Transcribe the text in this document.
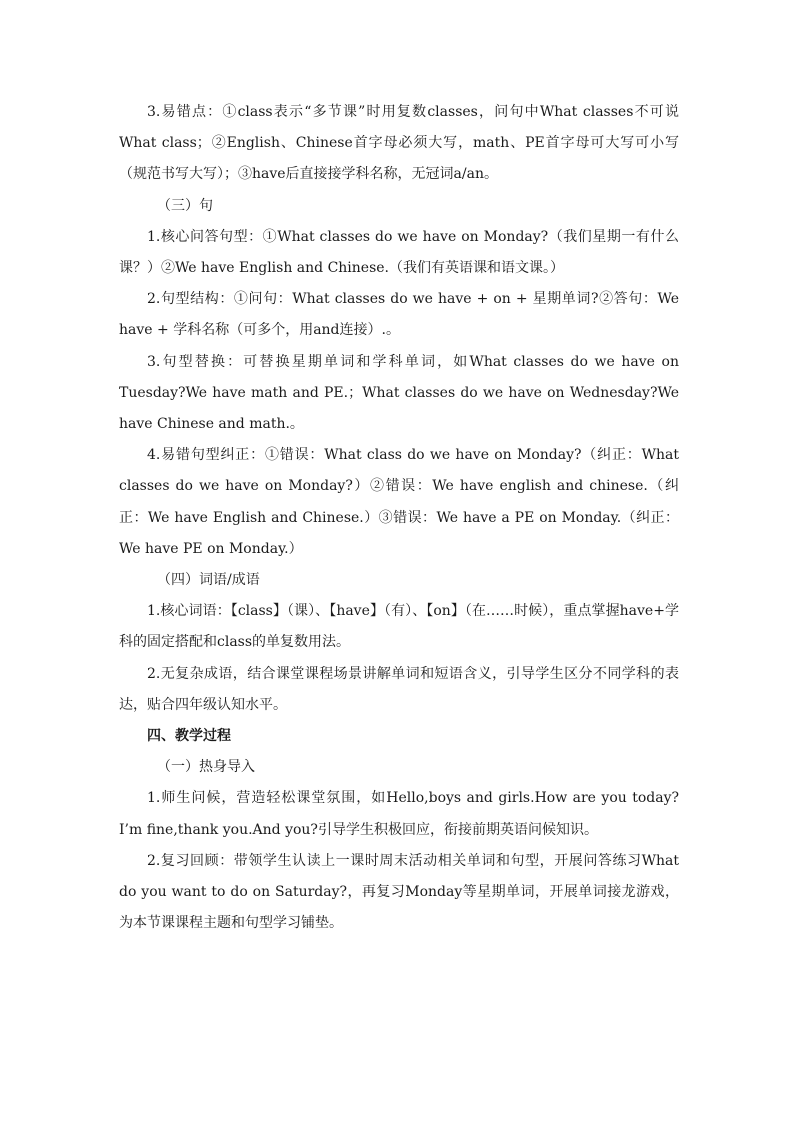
3.易错点：①class表示“多节课”时用复数classes，问句中What classes不可说What class；②English、Chinese首字母必须大写，math、PE首字母可大写可小写（规范书写大写）；③have后直接接学科名称，无冠词a/an。

（三）句

1.核心问答句型：①What classes do we have on Monday?（我们星期一有什么课？）②We have English and Chinese.（我们有英语课和语文课。）

2.句型结构：①问句：What classes do we have + on + 星期单词?②答句：We have + 学科名称（可多个，用and连接）.。

3.句型替换：可替换星期单词和学科单词，如What classes do we have on Tuesday?We have math and PE.；What classes do we have on Wednesday?We have Chinese and math.。

4.易错句型纠正：①错误：What class do we have on Monday?（纠正：What classes do we have on Monday?）②错误：We have english and chinese.（纠正：We have English and Chinese.）③错误：We have a PE on Monday.（纠正：We have PE on Monday.）

（四）词语/成语

1.核心词语：【class】（课）、【have】（有）、【on】（在……时候），重点掌握have+学科的固定搭配和class的单复数用法。

2.无复杂成语，结合课堂课程场景讲解单词和短语含义，引导学生区分不同学科的表达，贴合四年级认知水平。

四、教学过程

（一）热身导入

1.师生问候，营造轻松课堂氛围，如Hello,boys and girls.How are you today?I’m fine,thank you.And you?引导学生积极回应，衔接前期英语问候知识。

2.复习回顾：带领学生认读上一课时周末活动相关单词和句型，开展问答练习What do you want to do on Saturday?，再复习Monday等星期单词，开展单词接龙游戏，为本节课课程主题和句型学习铺垫。
